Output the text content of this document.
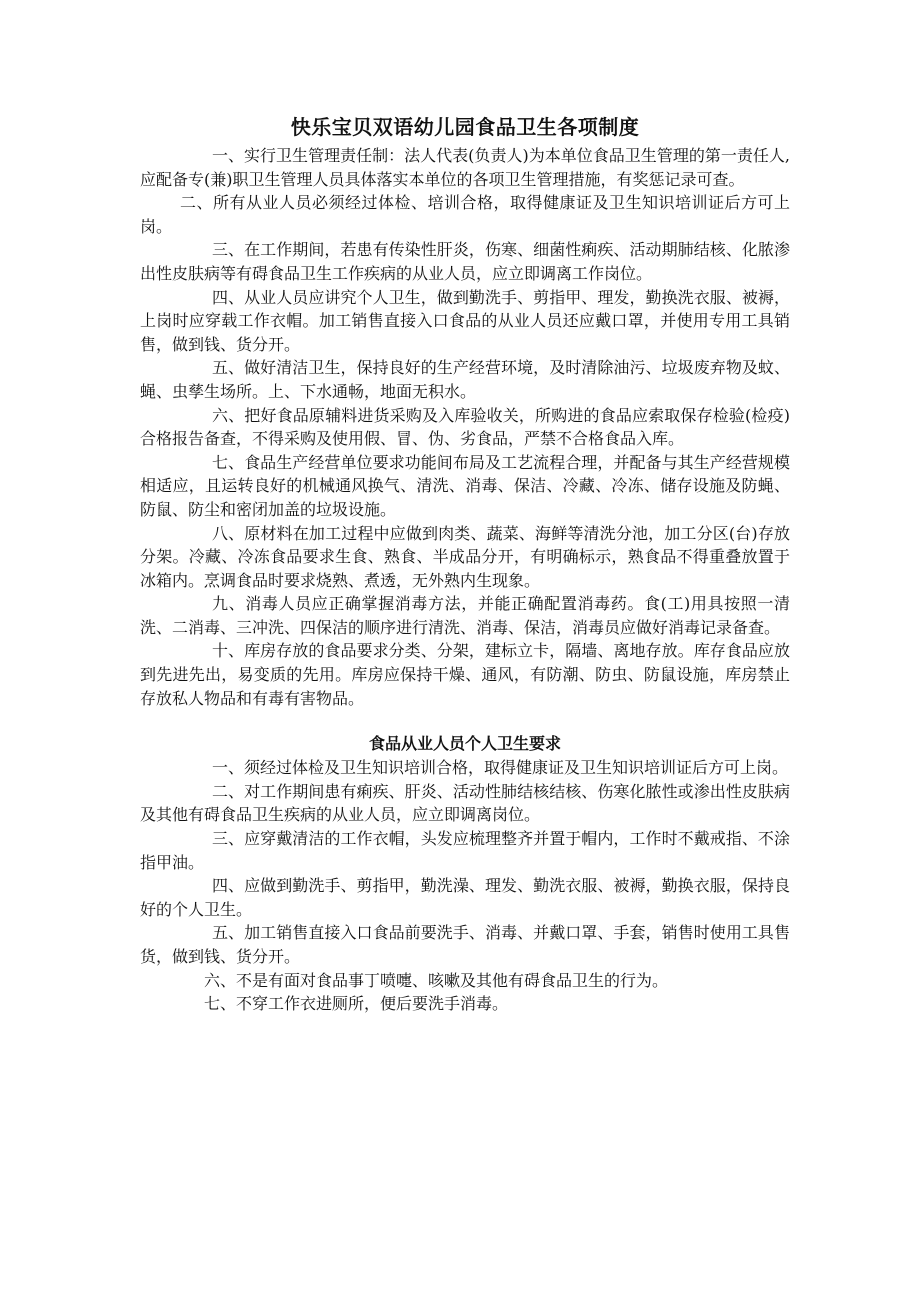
快乐宝贝双语幼儿园食品卫生各项制度

一、实行卫生管理责任制：法人代表(负责人)为本单位食品卫生管理的第一责任人,应配备专(兼)职卫生管理人员具体落实本单位的各项卫生管理措施，有奖惩记录可查。

二、所有从业人员必须经过体检、培训合格，取得健康证及卫生知识培训证后方可上岗。

三、在工作期间，若患有传染性肝炎，伤寒、细菌性痢疾、活动期肺结核、化脓渗出性皮肤病等有碍食品卫生工作疾病的从业人员，应立即调离工作岗位。

四、从业人员应讲究个人卫生，做到勤洗手、剪指甲、理发，勤换洗衣服、被褥，上岗时应穿载工作衣帽。加工销售直接入口食品的从业人员还应戴口罩，并使用专用工具销售，做到钱、货分开。

五、做好清洁卫生，保持良好的生产经营环境，及时清除油污、垃圾废弃物及蚊、蝇、虫孳生场所。上、下水通畅，地面无积水。

六、把好食品原辅料进货采购及入库验收关，所购进的食品应索取保存检验(检疫)合格报告备查，不得采购及使用假、冒、伪、劣食品，严禁不合格食品入库。

七、食品生产经营单位要求功能间布局及工艺流程合理，并配备与其生产经营规模相适应，且运转良好的机械通风换气、清洗、消毒、保洁、冷藏、冷冻、储存设施及防蝇、防鼠、防尘和密闭加盖的垃圾设施。

八、原材料在加工过程中应做到肉类、蔬菜、海鲜等清洗分池，加工分区(台)存放分架。冷藏、冷冻食品要求生食、熟食、半成品分开，有明确标示，熟食品不得重叠放置于冰箱内。烹调食品时要求烧熟、煮透，无外熟内生现象。

九、消毒人员应正确掌握消毒方法，并能正确配置消毒药。食(工)用具按照一清洗、二消毒、三冲洗、四保洁的顺序进行清洗、消毒、保洁，消毒员应做好消毒记录备查。

十、库房存放的食品要求分类、分架，建标立卡，隔墙、离地存放。库存食品应放到先进先出，易变质的先用。库房应保持干燥、通风，有防潮、防虫、防鼠设施，库房禁止存放私人物品和有毒有害物品。

食品从业人员个人卫生要求

一、须经过体检及卫生知识培训合格，取得健康证及卫生知识培训证后方可上岗。

二、对工作期间患有痢疾、肝炎、活动性肺结核结核、伤寒化脓性或渗出性皮肤病及其他有碍食品卫生疾病的从业人员，应立即调离岗位。

三、应穿戴清洁的工作衣帽，头发应梳理整齐并置于帽内，工作时不戴戒指、不涂指甲油。

四、应做到勤洗手、剪指甲，勤洗澡、理发、勤洗衣服、被褥，勤换衣服，保持良好的个人卫生。

五、加工销售直接入口食品前要洗手、消毒、并戴口罩、手套，销售时使用工具售货，做到钱、货分开。

六、不是有面对食品事丁喷嚏、咳嗽及其他有碍食品卫生的行为。

七、不穿工作衣进厕所，便后要洗手消毒。
